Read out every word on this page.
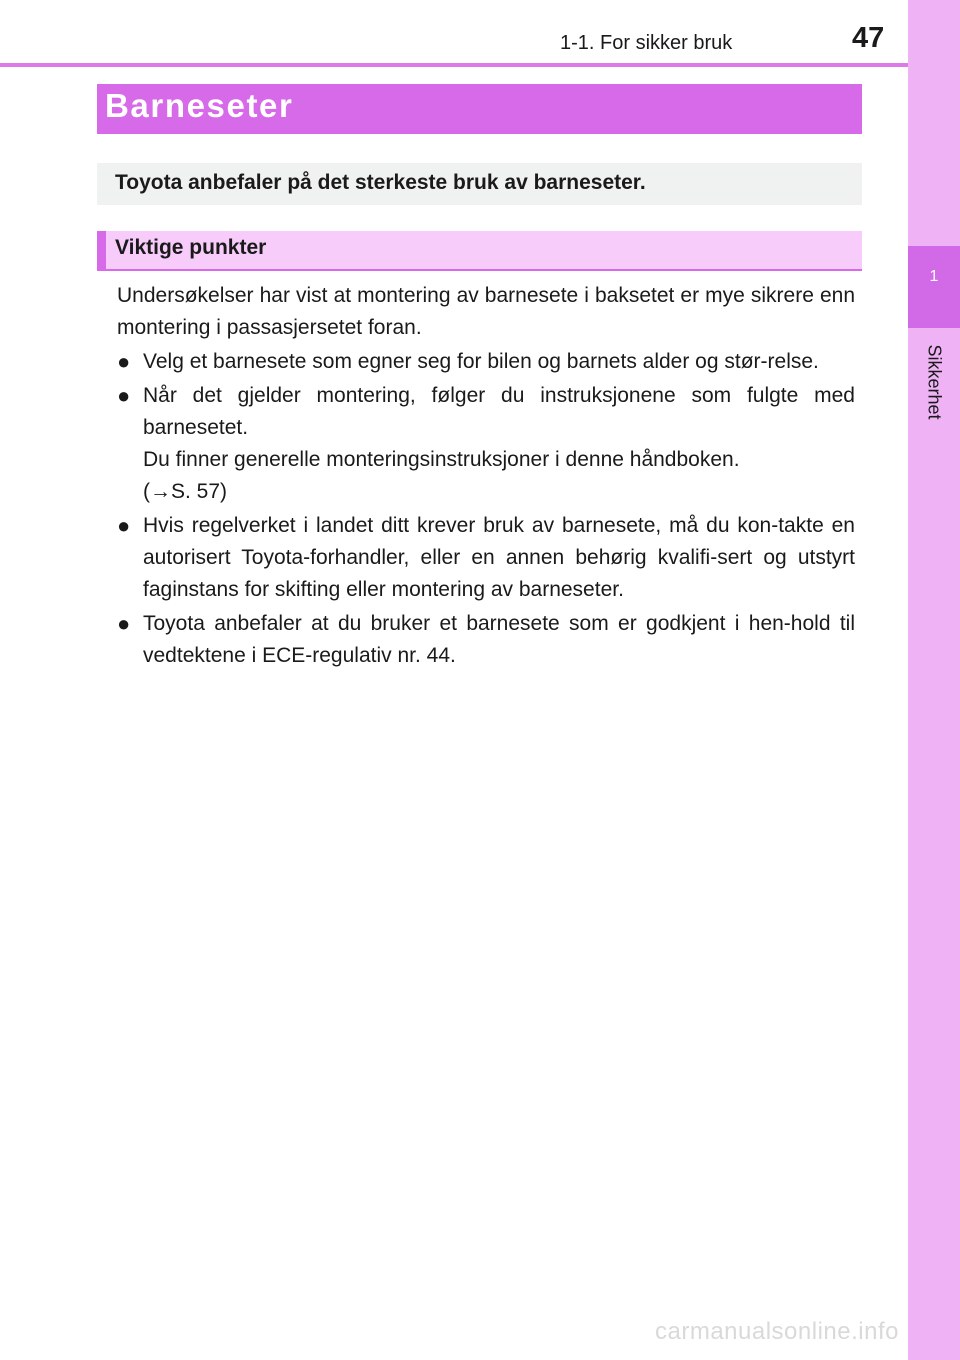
1-1. For sikker bruk	47
1
Sikkerhet
Barneseter
Toyota anbefaler på det sterkeste bruk av barneseter.
Viktige punkter

Undersøkelser har vist at montering av barnesete i baksetet er mye sikrere enn montering i passasjersetet foran.

● Velg et barnesete som egner seg for bilen og barnets alder og stør-relse.

● Når det gjelder montering, følger du instruksjonene som fulgte med barnesetet.

Du finner generelle monteringsinstruksjoner i denne håndboken.

(→S. 57)

● Hvis regelverket i landet ditt krever bruk av barnesete, må du kon-takte en autorisert Toyota-forhandler, eller en annen behørig kvalifi-sert og utstyrt faginstans for skifting eller montering av barneseter.

● Toyota anbefaler at du bruker et barnesete som er godkjent i hen-hold til vedtektene i ECE-regulativ nr. 44.

carmanualsonline.info
